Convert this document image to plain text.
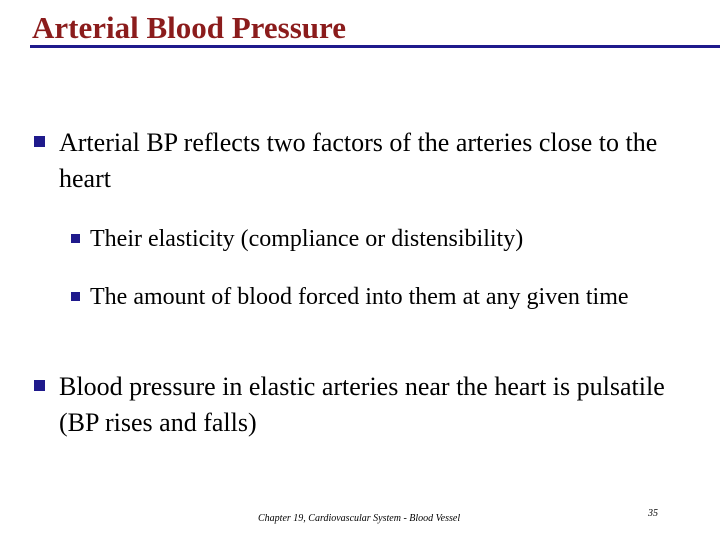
Arterial Blood Pressure
Arterial BP reflects two factors of the arteries close to the heart
Their elasticity (compliance or distensibility)
The amount of blood forced into them at any given time
Blood pressure in elastic arteries near the heart is pulsatile (BP rises and falls)
Chapter 19, Cardiovascular System - Blood Vessel	35
